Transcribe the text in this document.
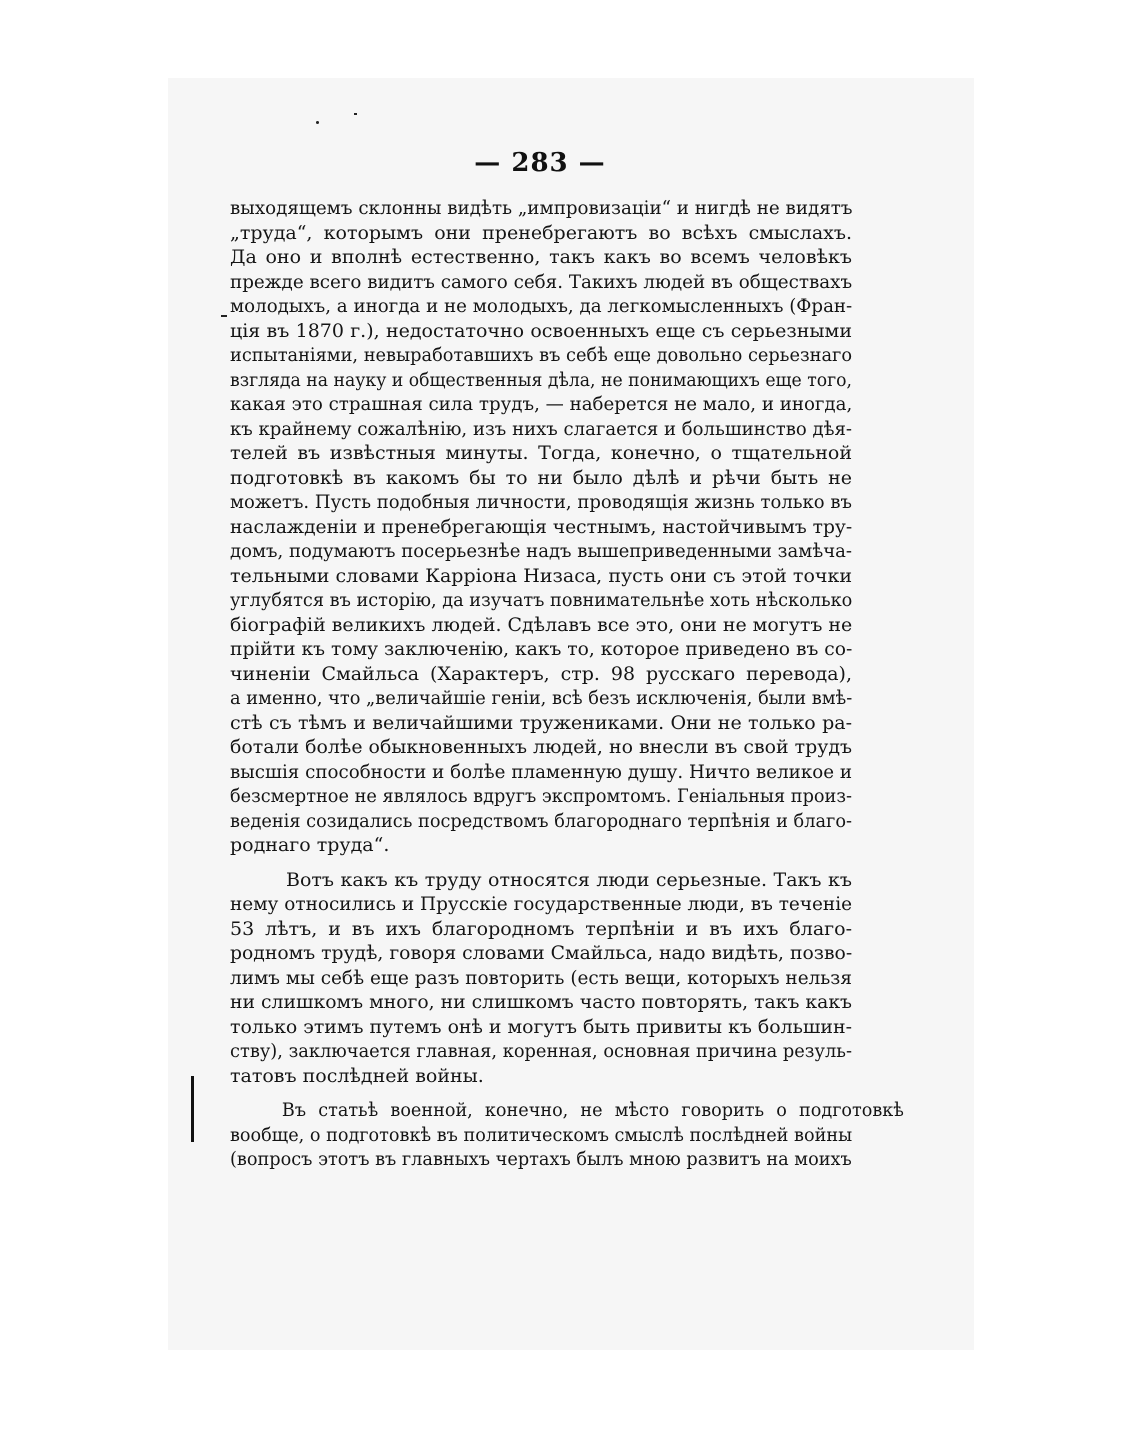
— 283 —
выходящемъ склонны видѣть „импровизаціи“ и нигдѣ не видятъ
„труда“, которымъ они пренебрегаютъ во всѣхъ смыслахъ.
Да оно и вполнѣ естественно, такъ какъ во всемъ человѣкъ
прежде всего видитъ самого себя. Такихъ людей въ обществахъ
молодыхъ, а иногда и не молодыхъ, да легкомысленныхъ (Фран-
ція въ 1870 г.), недостаточно освоенныхъ еще съ серьезными
испытаніями, невыработавшихъ въ себѣ еще довольно серьезнаго
взгляда на науку и общественныя дѣла, не понимающихъ еще того,
какая это страшная сила трудъ, — наберется не мало, и иногда,
къ крайнему сожалѣнію, изъ нихъ слагается и большинство дѣя-
телей въ извѣстныя минуты. Тогда, конечно, о тщательной
подготовкѣ въ какомъ бы то ни было дѣлѣ и рѣчи быть не
можетъ. Пусть подобныя личности, проводящія жизнь только въ
наслажденіи и пренебрегающія честнымъ, настойчивымъ тру-
домъ, подумаютъ посерьезнѣе надъ вышеприведенными замѣча-
тельными словами Карріона Низаса, пусть они съ этой точки
углубятся въ исторію, да изучатъ повнимательнѣе хоть нѣсколько
біографій великихъ людей. Сдѣлавъ все это, они не могутъ не
прійти къ тому заключенію, какъ то, которое приведено въ со-
чиненіи Смайльса (Характеръ, стр. 98 русскаго перевода),
а именно, что „величайшіе геніи, всѣ безъ исключенія, были вмѣ-
стѣ съ тѣмъ и величайшими тружениками. Они не только ра-
ботали болѣе обыкновенныхъ людей, но внесли въ свой трудъ
высшія способности и болѣе пламенную душу. Ничто великое и
безсмертное не являлось вдругъ экспромтомъ. Геніальныя произ-
веденія созидались посредствомъ благороднаго терпѣнія и благо-
роднаго труда“.
Вотъ какъ къ труду относятся люди серьезные. Такъ къ
нему относились и Прусскіе государственные люди, въ теченіе
53 лѣтъ, и въ ихъ благородномъ терпѣніи и въ ихъ благо-
родномъ трудѣ, говоря словами Смайльса, надо видѣть, позво-
лимъ мы себѣ еще разъ повторить (есть вещи, которыхъ нельзя
ни слишкомъ много, ни слишкомъ часто повторять, такъ какъ
только этимъ путемъ онѣ и могутъ быть привиты къ большин-
ству), заключается главная, коренная, основная причина резуль-
татовъ послѣдней войны.
Въ статьѣ военной, конечно, не мѣсто говорить о подготовкѣ
вообще, о подготовкѣ въ политическомъ смыслѣ послѣдней войны
(вопросъ этотъ въ главныхъ чертахъ былъ мною развитъ на моихъ
